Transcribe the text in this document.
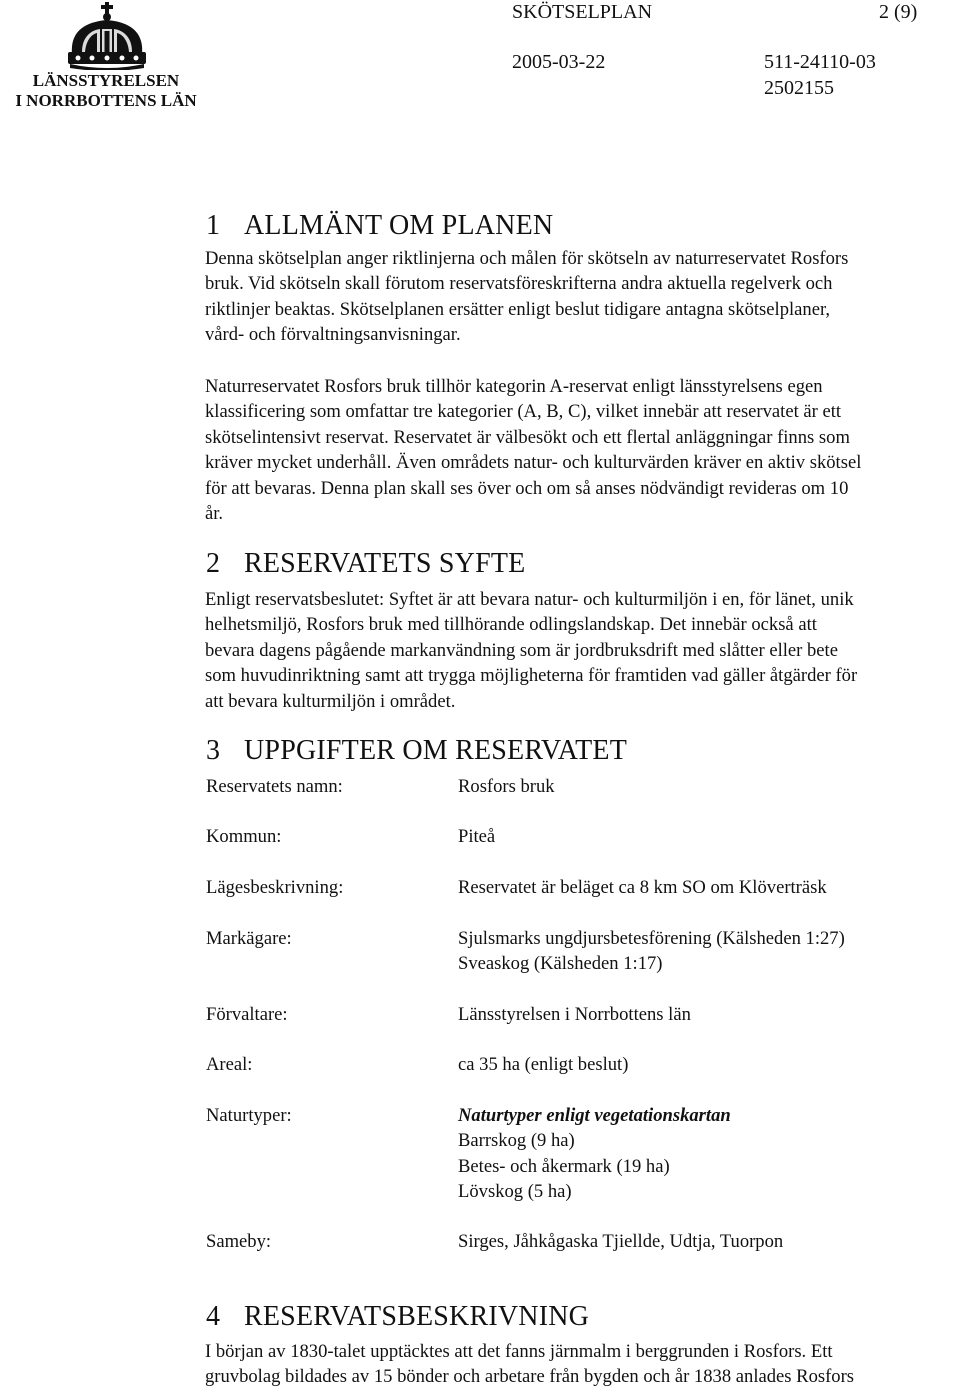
LÄNSSTYRELSEN
I NORRBOTTENS LÄN
SKÖTSELPLAN	2 (9)
2005-03-22	511-24110-03
2502155
1 ALLMÄNT OM PLANEN
Denna skötselplan anger riktlinjerna och målen för skötseln av naturreservatet Rosfors
bruk. Vid skötseln skall förutom reservatsföreskrifterna andra aktuella regelverk och
riktlinjer beaktas. Skötselplanen ersätter enligt beslut tidigare antagna skötselplaner,
vård- och förvaltningsanvisningar.
Naturreservatet Rosfors bruk tillhör kategorin A-reservat enligt länsstyrelsens egen
klassificering som omfattar tre kategorier (A, B, C), vilket innebär att reservatet är ett
skötselintensivt reservat. Reservatet är välbesökt och ett flertal anläggningar finns som
kräver mycket underhåll. Även områdets natur- och kulturvärden kräver en aktiv skötsel
för att bevaras. Denna plan skall ses över och om så anses nödvändigt revideras om 10
år.
2 RESERVATETS SYFTE
Enligt reservatsbeslutet: Syftet är att bevara natur- och kulturmiljön i en, för länet, unik
helhetsmiljö, Rosfors bruk med tillhörande odlingslandskap. Det innebär också att
bevara dagens pågående markanvändning som är jordbruksdrift med slåtter eller bete
som huvudinriktning samt att trygga möjligheterna för framtiden vad gäller åtgärder för
att bevara kulturmiljön i området.
3 UPPGIFTER OM RESERVATET
Reservatets namn:	Rosfors bruk
Kommun:	Piteå
Lägesbeskrivning:	Reservatet är beläget ca 8 km SO om Klöverträsk
Markägare:	Sjulsmarks ungdjursbetesförening (Kälsheden 1:27)
Sveaskog (Kälsheden 1:17)
Förvaltare:	Länsstyrelsen i Norrbottens län
Areal:	ca 35 ha (enligt beslut)
Naturtyper:	Naturtyper enligt vegetationskartan
Barrskog (9 ha)
Betes- och åkermark (19 ha)
Lövskog (5 ha)
Sameby:	Sirges, Jåhkågaska Tjiellde, Udtja, Tuorpon
4 RESERVATSBESKRIVNING
I början av 1830-talet upptäcktes att det fanns järnmalm i berggrunden i Rosfors. Ett
gruvbolag bildades av 15 bönder och arbetare från bygden och år 1838 anlades Rosfors
